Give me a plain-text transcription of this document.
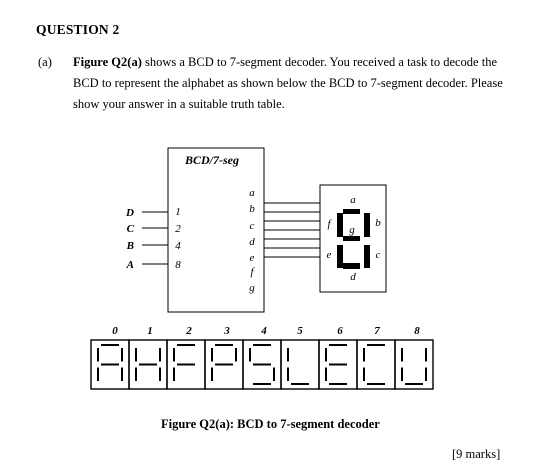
QUESTION 2
(a) Figure Q2(a) shows a BCD to 7-segment decoder. You received a task to decode the
BCD to represent the alphabet as shown below the BCD to 7-segment decoder. Please
show your answer in a suitable truth table.
BCD/7-seg
D
C
B
A
1
2
4
8
a
b
c
d
e
f
g
a
b
c
d
e
f g
0	1	2	3	4	5	6	7	8
Figure Q2(a): BCD to 7-segment decoder
[9 marks]
